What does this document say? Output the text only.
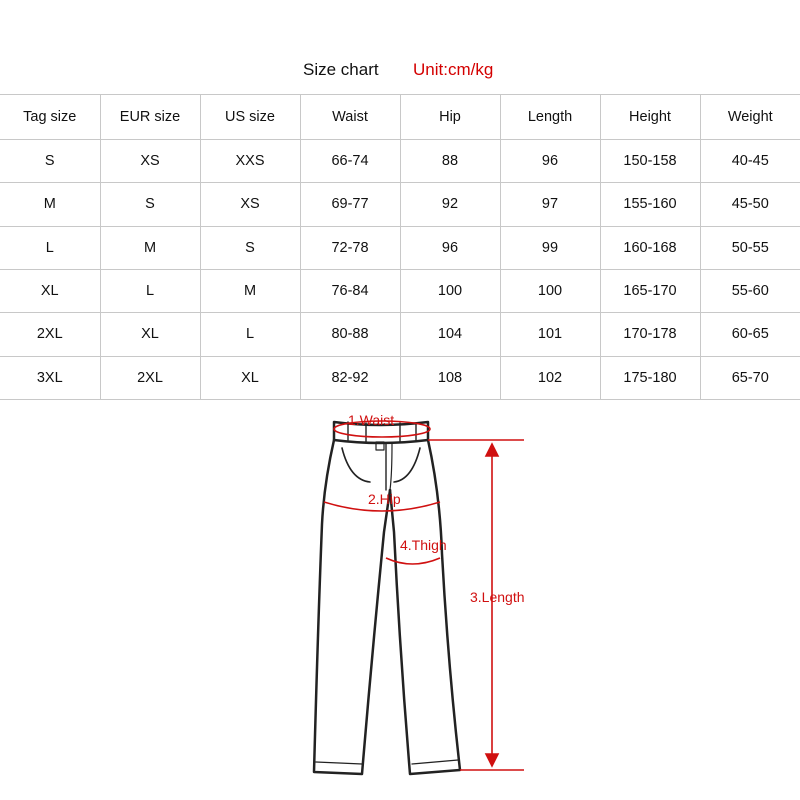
Size chart Unit:cm/kg
Tag size	EUR size	US size	Waist	Hip	Length	Height	Weight
S	XS	XXS	66-74	88	96	150-158	40-45
M	S	XS	69-77	92	97	155-160	45-50
L	M	S	72-78	96	99	160-168	50-55
XL	L	M	76-84	100	100	165-170	55-60
2XL	XL	L	80-88	104	101	170-178	60-65
3XL	2XL	XL	82-92	108	102	175-180	65-70
1.Waist
2.Hip
4.Thigh
3.Length
